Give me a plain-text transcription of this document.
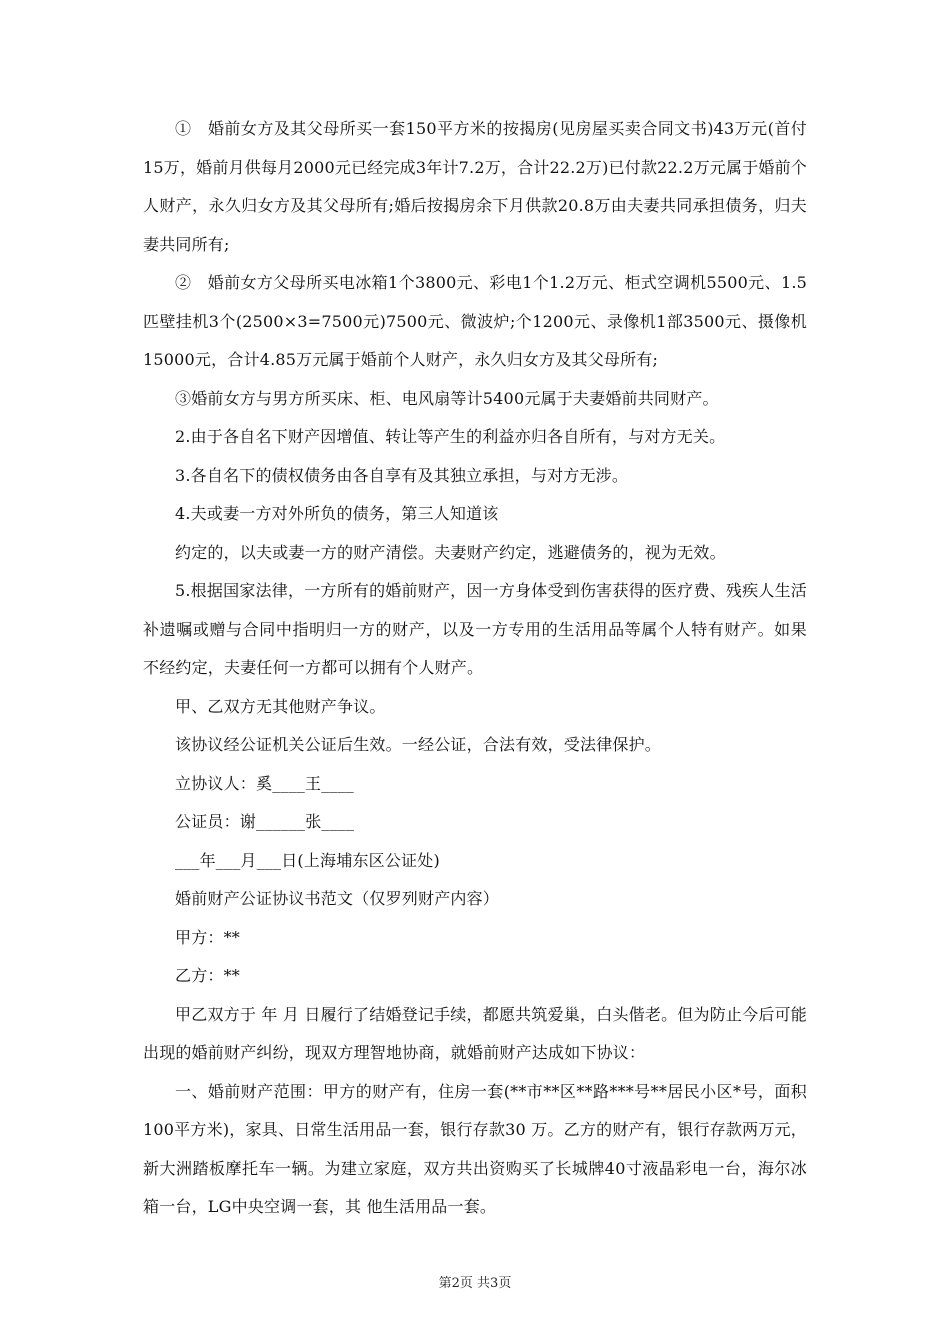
①　婚前女方及其父母所买一套150平方米的按揭房(见房屋买卖合同文书)43万元(首付15万，婚前月供每月2000元已经完成3年计7.2万，合计22.2万)已付款22.2万元属于婚前个人财产，永久归女方及其父母所有;婚后按揭房余下月供款20.8万由夫妻共同承担债务，归夫妻共同所有;

②　婚前女方父母所买电冰箱1个3800元、彩电1个1.2万元、柜式空调机5500元、1.5匹壁挂机3个(2500×3=7500元)7500元、微波炉;个1200元、录像机1部3500元、摄像机15000元，合计4.85万元属于婚前个人财产，永久归女方及其父母所有;

③婚前女方与男方所买床、柜、电风扇等计5400元属于夫妻婚前共同财产。

2.由于各自名下财产因增值、转让等产生的利益亦归各自所有，与对方无关。

3.各自名下的债权债务由各自享有及其独立承担，与对方无涉。

4.夫或妻一方对外所负的债务，第三人知道该

约定的，以夫或妻一方的财产清偿。夫妻财产约定，逃避债务的，视为无效。

5.根据国家法律，一方所有的婚前财产，因一方身体受到伤害获得的医疗费、残疾人生活补遗嘱或赠与合同中指明归一方的财产，以及一方专用的生活用品等属个人特有财产。如果不经约定，夫妻任何一方都可以拥有个人财产。

甲、乙双方无其他财产争议。

该协议经公证机关公证后生效。一经公证，合法有效，受法律保护。

立协议人：奚____王____

公证员：谢______张____

___年___月___日(上海埔东区公证处)

婚前财产公证协议书范文（仅罗列财产内容）

甲方：**

乙方：**

甲乙双方于 年 月 日履行了结婚登记手续，都愿共筑爱巢，白头偕老。但为防止今后可能出现的婚前财产纠纷，现双方理智地协商，就婚前财产达成如下协议：

一、婚前财产范围：甲方的财产有，住房一套(**市**区**路***号**居民小区*号，面积100平方米)，家具、日常生活用品一套，银行存款30 万。乙方的财产有，银行存款两万元，新大洲踏板摩托车一辆。为建立家庭，双方共出资购买了长城牌40寸液晶彩电一台，海尔冰箱一台，LG中央空调一套，其 他生活用品一套。

第2页 共3页
